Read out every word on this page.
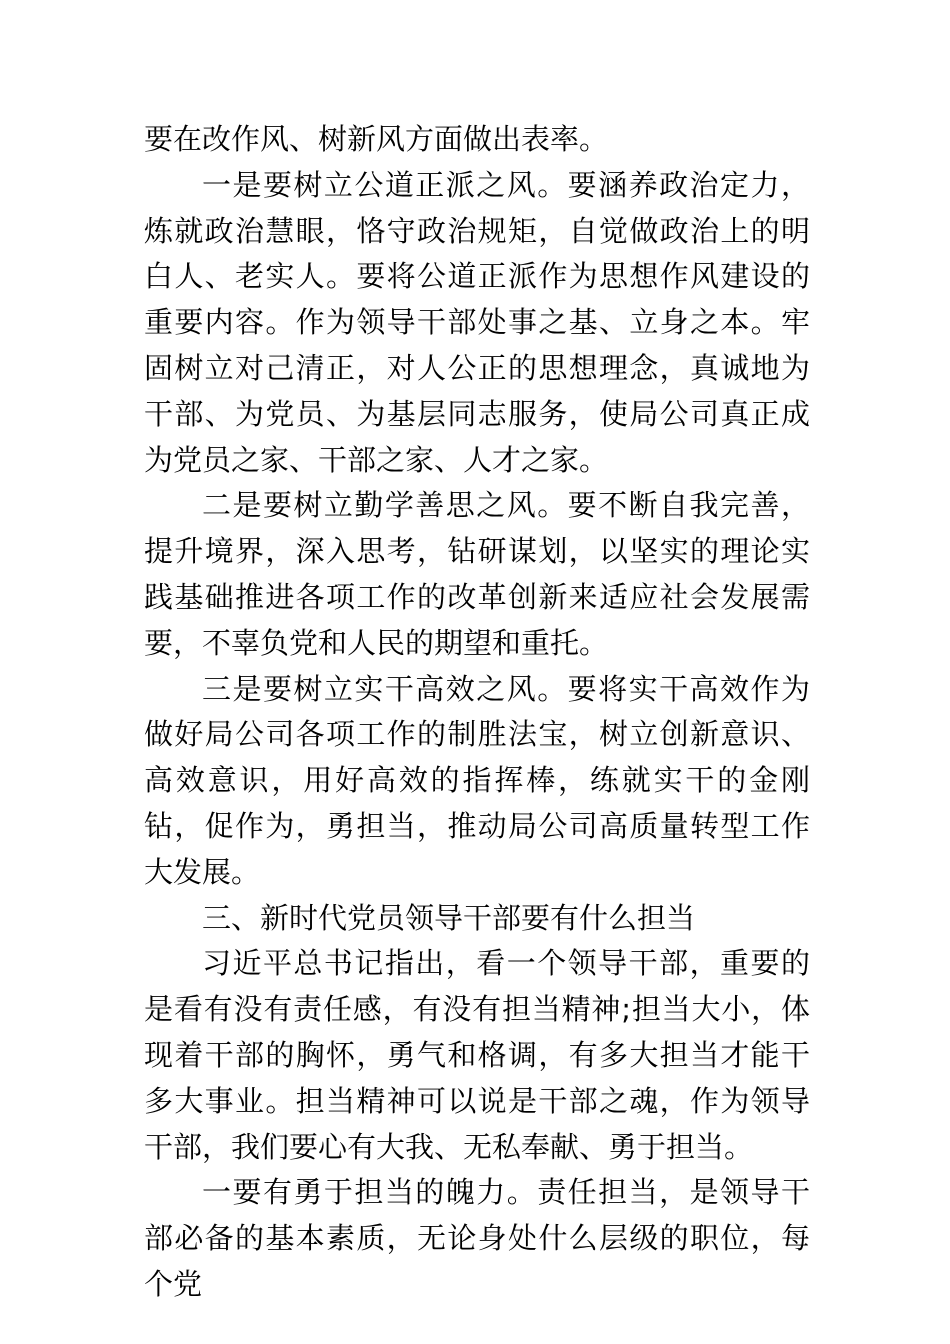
要在改作风、树新风方面做出表率。

一是要树立公道正派之风。要涵养政治定力，炼就政治慧眼，恪守政治规矩，自觉做政治上的明白人、老实人。要将公道正派作为思想作风建设的重要内容。作为领导干部处事之基、立身之本。牢固树立对己清正，对人公正的思想理念，真诚地为干部、为党员、为基层同志服务，使局公司真正成为党员之家、干部之家、人才之家。

二是要树立勤学善思之风。要不断自我完善，提升境界，深入思考，钻研谋划，以坚实的理论实践基础推进各项工作的改革创新来适应社会发展需要，不辜负党和人民的期望和重托。

三是要树立实干高效之风。要将实干高效作为做好局公司各项工作的制胜法宝，树立创新意识、高效意识，用好高效的指挥棒，练就实干的金刚钻，促作为，勇担当，推动局公司高质量转型工作大发展。

三、新时代党员领导干部要有什么担当

习近平总书记指出，看一个领导干部，重要的是看有没有责任感，有没有担当精神;担当大小，体现着干部的胸怀，勇气和格调，有多大担当才能干多大事业。担当精神可以说是干部之魂，作为领导干部，我们要心有大我、无私奉献、勇于担当。

一要有勇于担当的魄力。责任担当，是领导干部必备的基本素质，无论身处什么层级的职位，每个党
